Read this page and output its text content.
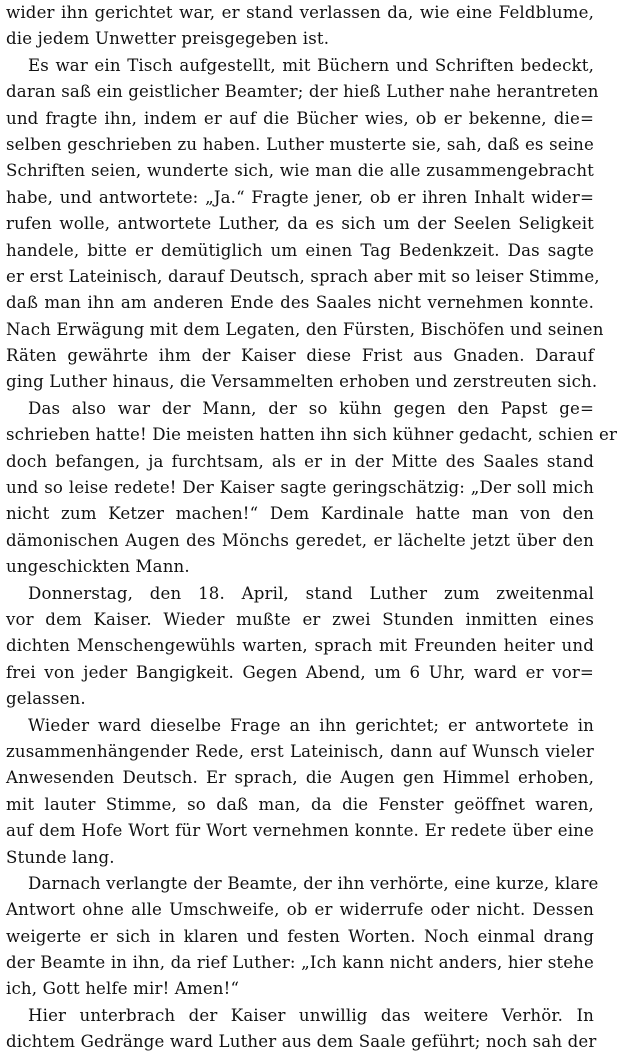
wider ihn gerichtet war, er stand verlassen da, wie eine Feldblume,
die jedem Unwetter preisgegeben ist.
Es war ein Tisch aufgestellt, mit Büchern und Schriften bedeckt,
daran saß ein geistlicher Beamter; der hieß Luther nahe herantreten
und fragte ihn, indem er auf die Bücher wies, ob er bekenne, die=
selben geschrieben zu haben. Luther musterte sie, sah, daß es seine
Schriften seien, wunderte sich, wie man die alle zusammengebracht
habe, und antwortete: „Ja.“ Fragte jener, ob er ihren Inhalt wider=
rufen wolle, antwortete Luther, da es sich um der Seelen Seligkeit
handele, bitte er demütiglich um einen Tag Bedenkzeit. Das sagte
er erst Lateinisch, darauf Deutsch, sprach aber mit so leiser Stimme,
daß man ihn am anderen Ende des Saales nicht vernehmen konnte.
Nach Erwägung mit dem Legaten, den Fürsten, Bischöfen und seinen
Räten gewährte ihm der Kaiser diese Frist aus Gnaden. Darauf
ging Luther hinaus, die Versammelten erhoben und zerstreuten sich.
Das also war der Mann, der so kühn gegen den Papst ge=
schrieben hatte! Die meisten hatten ihn sich kühner gedacht, schien er
doch befangen, ja furchtsam, als er in der Mitte des Saales stand
und so leise redete! Der Kaiser sagte geringschätzig: „Der soll mich
nicht zum Ketzer machen!“ Dem Kardinale hatte man von den
dämonischen Augen des Mönchs geredet, er lächelte jetzt über den
ungeschickten Mann.
Donnerstag, den 18. April, stand Luther zum zweitenmal
vor dem Kaiser. Wieder mußte er zwei Stunden inmitten eines
dichten Menschengewühls warten, sprach mit Freunden heiter und
frei von jeder Bangigkeit. Gegen Abend, um 6 Uhr, ward er vor=
gelassen.
Wieder ward dieselbe Frage an ihn gerichtet; er antwortete in
zusammenhängender Rede, erst Lateinisch, dann auf Wunsch vieler
Anwesenden Deutsch. Er sprach, die Augen gen Himmel erhoben,
mit lauter Stimme, so daß man, da die Fenster geöffnet waren,
auf dem Hofe Wort für Wort vernehmen konnte. Er redete über eine
Stunde lang.
Darnach verlangte der Beamte, der ihn verhörte, eine kurze, klare
Antwort ohne alle Umschweife, ob er widerrufe oder nicht. Dessen
weigerte er sich in klaren und festen Worten. Noch einmal drang
der Beamte in ihn, da rief Luther: „Ich kann nicht anders, hier stehe
ich, Gott helfe mir! Amen!“
Hier unterbrach der Kaiser unwillig das weitere Verhör. In
dichtem Gedränge ward Luther aus dem Saale geführt; noch sah der
